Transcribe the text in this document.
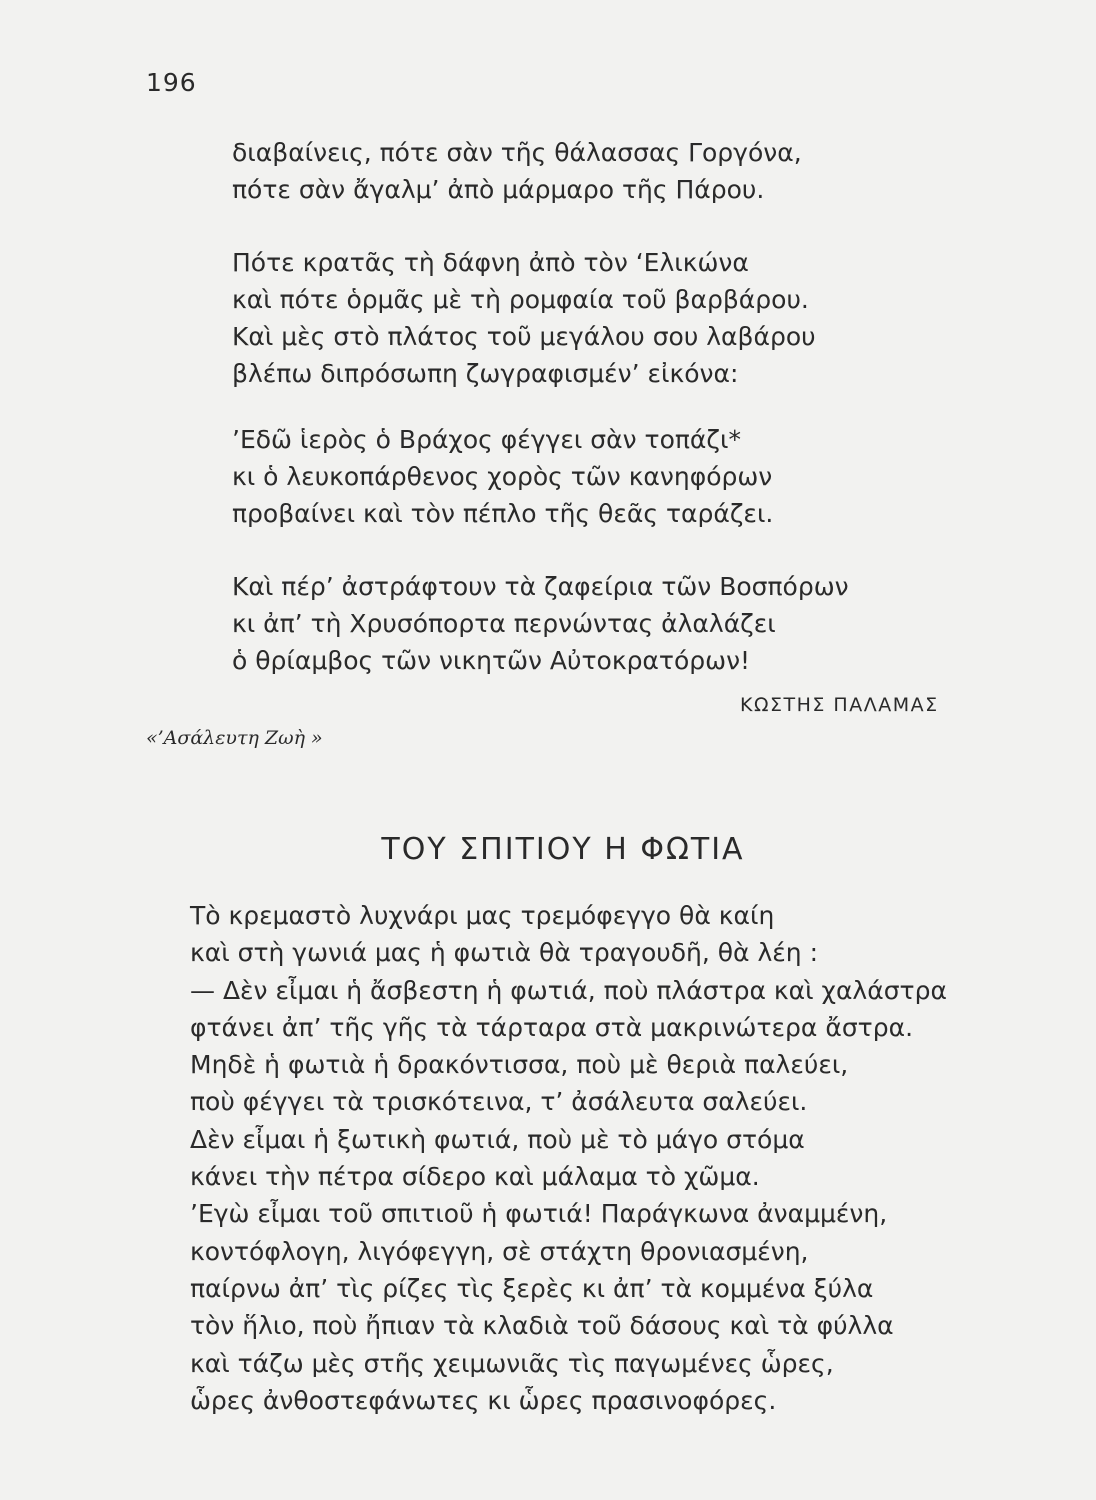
196
διαβαίνεις, πότε σὰν τῆς θάλασσας Γοργόνα,
πότε σὰν ἄγαλμ’ ἀπὸ μάρμαρο τῆς Πάρου.
Πότε κρατᾶς τὴ δάφνη ἀπὸ τὸν ‘Ελικώνα
καὶ πότε ὁρμᾶς μὲ τὴ ρομφαία τοῦ βαρβάρου.
Καὶ μὲς στὸ πλάτος τοῦ μεγάλου σου λαβάρου
βλέπω διπρόσωπη ζωγραφισμέν’ εἰκόνα:
’Εδῶ ἱερὸς ὁ Βράχος φέγγει σὰν τοπάζι*
κι ὁ λευκοπάρθενος χορὸς τῶν κανηφόρων
προβαίνει καὶ τὸν πέπλο τῆς θεᾶς ταράζει.
Καὶ πέρ’ ἀστράφτουν τὰ ζαφείρια τῶν Βοσπόρων
κι ἀπ’ τὴ Χρυσόπορτα περνώντας ἀλαλάζει
ὁ θρίαμβος τῶν νικητῶν Αὐτοκρατόρων!
ΚΩΣΤΗΣ ΠΑΛΑΜΑΣ
«’Ασάλευτη Ζωὴ »
ΤΟΥ ΣΠΙΤΙΟΥ Η ΦΩΤΙΑ
Τὸ κρεμαστὸ λυχνάρι μας τρεμόφεγγο θὰ καίη
καὶ στὴ γωνιά μας ἡ φωτιὰ θὰ τραγουδῆ, θὰ λέη :
— Δὲν εἶμαι ἡ ἄσβεστη ἡ φωτιά, ποὺ πλάστρα καὶ χαλάστρα
φτάνει ἀπ’ τῆς γῆς τὰ τάρταρα στὰ μακρινώτερα ἄστρα.
Μηδὲ ἡ φωτιὰ ἡ δρακόντισσα, ποὺ μὲ θεριὰ παλεύει,
ποὺ φέγγει τὰ τρισκότεινα, τ’ ἀσάλευτα σαλεύει.
Δὲν εἶμαι ἡ ξωτικὴ φωτιά, ποὺ μὲ τὸ μάγο στόμα
κάνει τὴν πέτρα σίδερο καὶ μάλαμα τὸ χῶμα.
’Εγὼ εἶμαι τοῦ σπιτιοῦ ἡ φωτιά! Παράγκωνα ἀναμμένη,
κοντόφλογη, λιγόφεγγη, σὲ στάχτη θρονιασμένη,
παίρνω ἀπ’ τὶς ρίζες τὶς ξερὲς κι ἀπ’ τὰ κομμένα ξύλα
τὸν ἥλιο, ποὺ ἤπιαν τὰ κλαδιὰ τοῦ δάσους καὶ τὰ φύλλα
καὶ τάζω μὲς στῆς χειμωνιᾶς τὶς παγωμένες ὧρες,
ὧρες ἀνθοστεφάνωτες κι ὧρες πρασινοφόρες.
